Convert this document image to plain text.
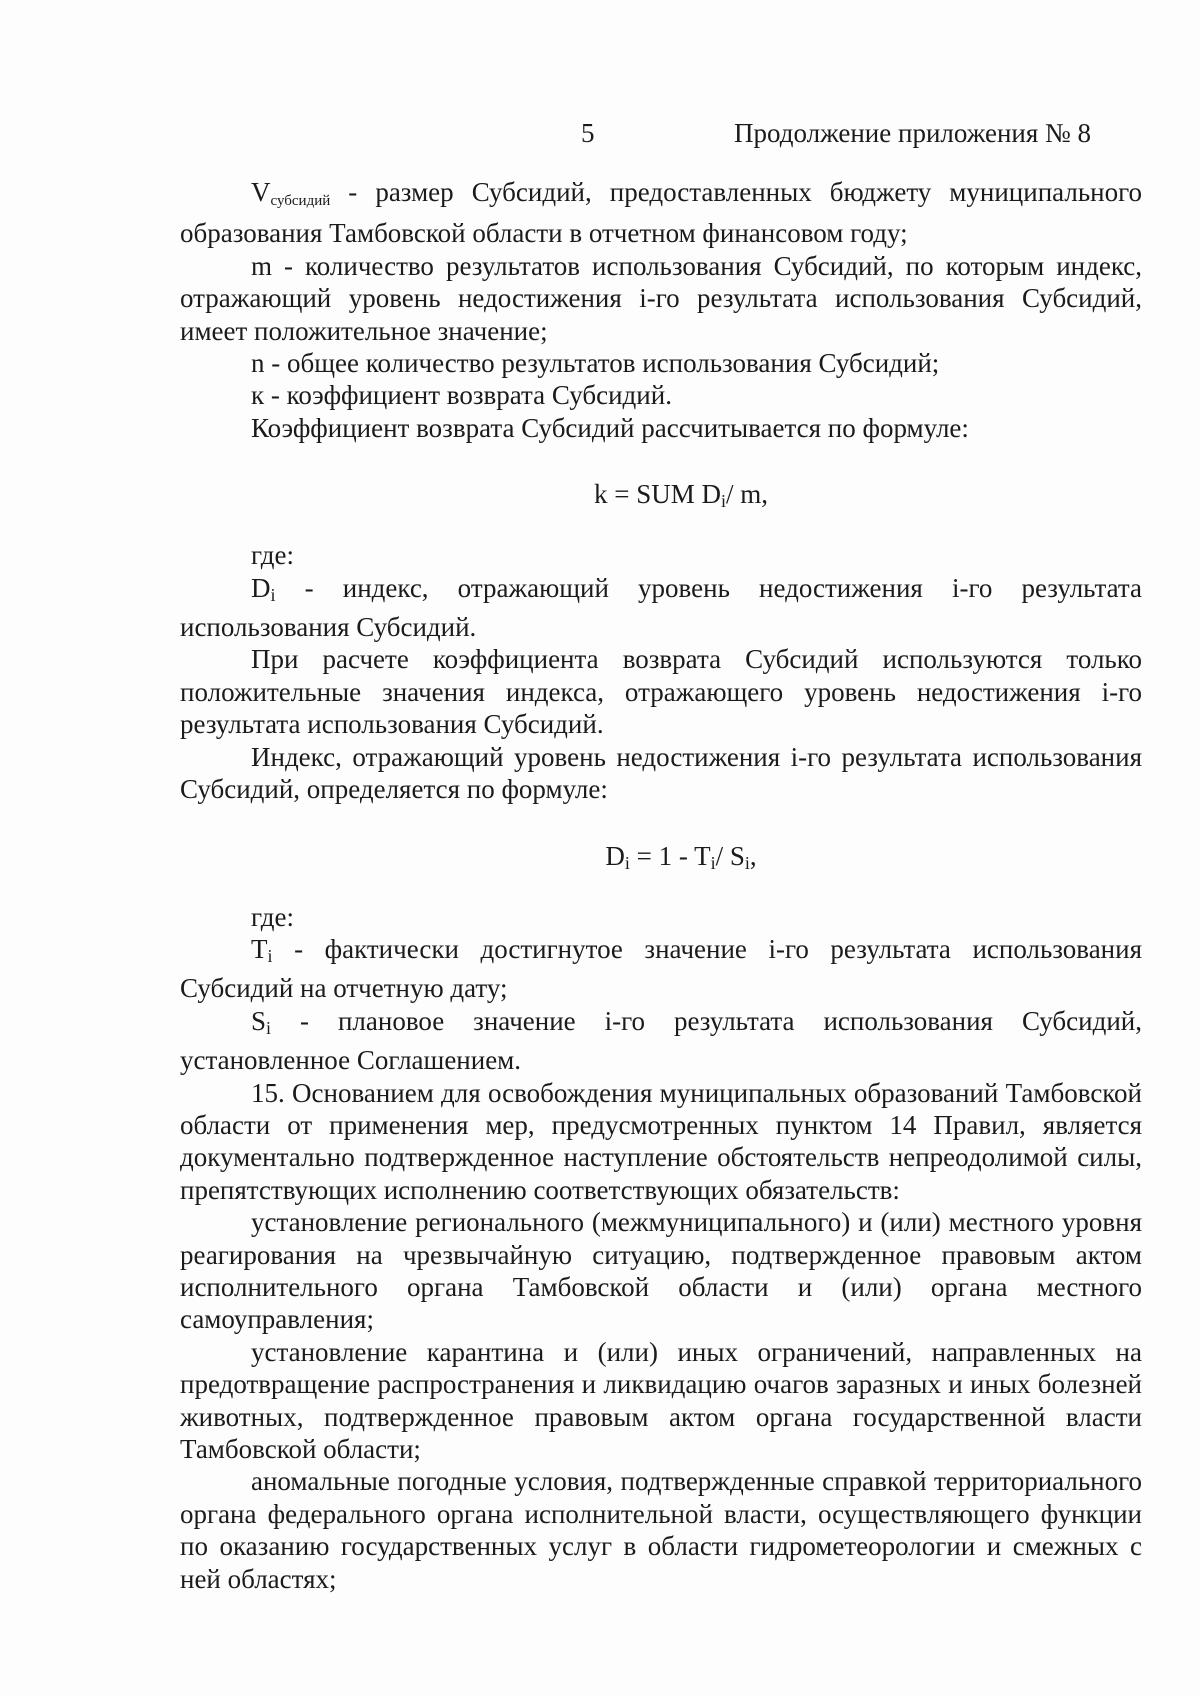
5	Продолжение приложения № 8

$V_{субсидий}$ - размер Субсидий, предоставленных бюджету муниципального образования Тамбовской области в отчетном финансовом году;

m - количество результатов использования Субсидий, по которым индекс, отражающий уровень недостижения i-го результата использования Субсидий, имеет положительное значение;

n - общее количество результатов использования Субсидий;

к - коэффициент возврата Субсидий.

Коэффициент возврата Субсидий рассчитывается по формуле:

k = SUM Di/ m,

где:

Di - индекс, отражающий уровень недостижения i-го результата использования Субсидий.

При расчете коэффициента возврата Субсидий используются только положительные значения индекса, отражающего уровень недостижения i-го результата использования Субсидий.

Индекс, отражающий уровень недостижения i-го результата использования Субсидий, определяется по формуле:

Di = 1 - Ti/ Si,

где:

Ti - фактически достигнутое значение i-го результата использования Субсидий на отчетную дату;

Si - плановое значение i-го результата использования Субсидий, установленное Соглашением.

15. Основанием для освобождения муниципальных образований Тамбовской области от применения мер, предусмотренных пунктом 14 Правил, является документально подтвержденное наступление обстоятельств непреодолимой силы, препятствующих исполнению соответствующих обязательств:

установление регионального (межмуниципального) и (или) местного уровня реагирования на чрезвычайную ситуацию, подтвержденное правовым актом исполнительного органа Тамбовской области и (или) органа местного самоуправления;

установление карантина и (или) иных ограничений, направленных на предотвращение распространения и ликвидацию очагов заразных и иных болезней животных, подтвержденное правовым актом органа государственной власти Тамбовской области;

аномальные погодные условия, подтвержденные справкой территориального органа федерального органа исполнительной власти, осуществляющего функции по оказанию государственных услуг в области гидрометеорологии и смежных с ней областях;
